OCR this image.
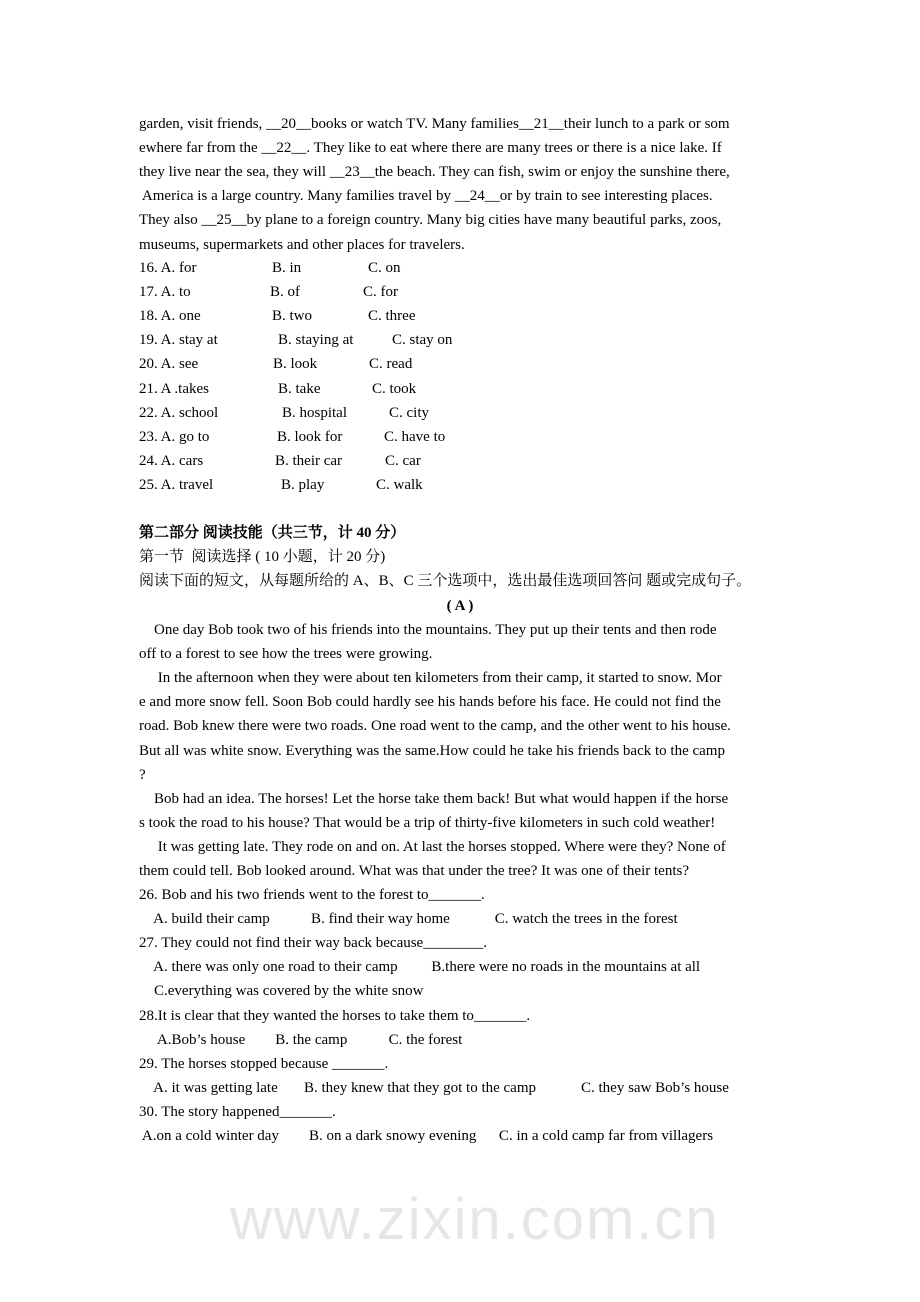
www.zixin.com.cn
garden, visit friends, __20__books or watch TV. Many families__21__their lunch to a park or som
ewhere far from the __22__. They like to eat where there are many trees or there is a nice lake. If
they live near the sea, they will __23__the beach. They can fish, swim or enjoy the sunshine there,
America is a large country. Many families travel by __24__or by train to see interesting places.
They also __25__by plane to a foreign country. Many big cities have many beautiful parks, zoos,
museums, supermarkets and other places for travelers.
16. A. for	B. in	C. on
17. A. to	B. of	C. for
18. A. one	B. two	C. three
19. A. stay at	B. staying at	C. stay on
20. A. see	B. look	C. read
21. A .takes	B. take	C. took
22. A. school	B. hospital	C. city
23. A. go to	B. look for	C. have to
24. A. cars	B. their car	C. car
25. A. travel	B. play	C. walk
第二部分 阅读技能（共三节，计 40 分）
第一节  阅读选择 ( 10 小题，计 20 分)
阅读下面的短文，从每题所给的 A、B、C 三个选项中，选出最佳选项回答问 题或完成句子。
( A )
One day Bob took two of his friends into the mountains. They put up their tents and then rode
off to a forest to see how the trees were growing.
In the afternoon when they were about ten kilometers from their camp, it started to snow. Mor
e and more snow fell. Soon Bob could hardly see his hands before his face. He could not find the
road. Bob knew there were two roads. One road went to the camp, and the other went to his house.
But all was white snow. Everything was the same.How could he take his friends back to the camp
?
Bob had an idea. The horses! Let the horse take them back! But what would happen if the horse
s took the road to his house? That would be a trip of thirty-five kilometers in such cold weather!
It was getting late. They rode on and on. At last the horses stopped. Where were they? None of
them could tell. Bob looked around. What was that under the tree? It was one of their tents?
26. Bob and his two friends went to the forest to_______.
A. build their camp           B. find their way home            C. watch the trees in the forest
27. They could not find their way back because________.
A. there was only one road to their camp         B.there were no roads in the mountains at all
C.everything was covered by the white snow
28.It is clear that they wanted the horses to take them to_______.
A.Bob’s house        B. the camp           C. the forest
29. The horses stopped because _______.
A. it was getting late       B. they knew that they got to the camp            C. they saw Bob’s house
30. The story happened_______.
A.on a cold winter day        B. on a dark snowy evening      C. in a cold camp far from villagers
